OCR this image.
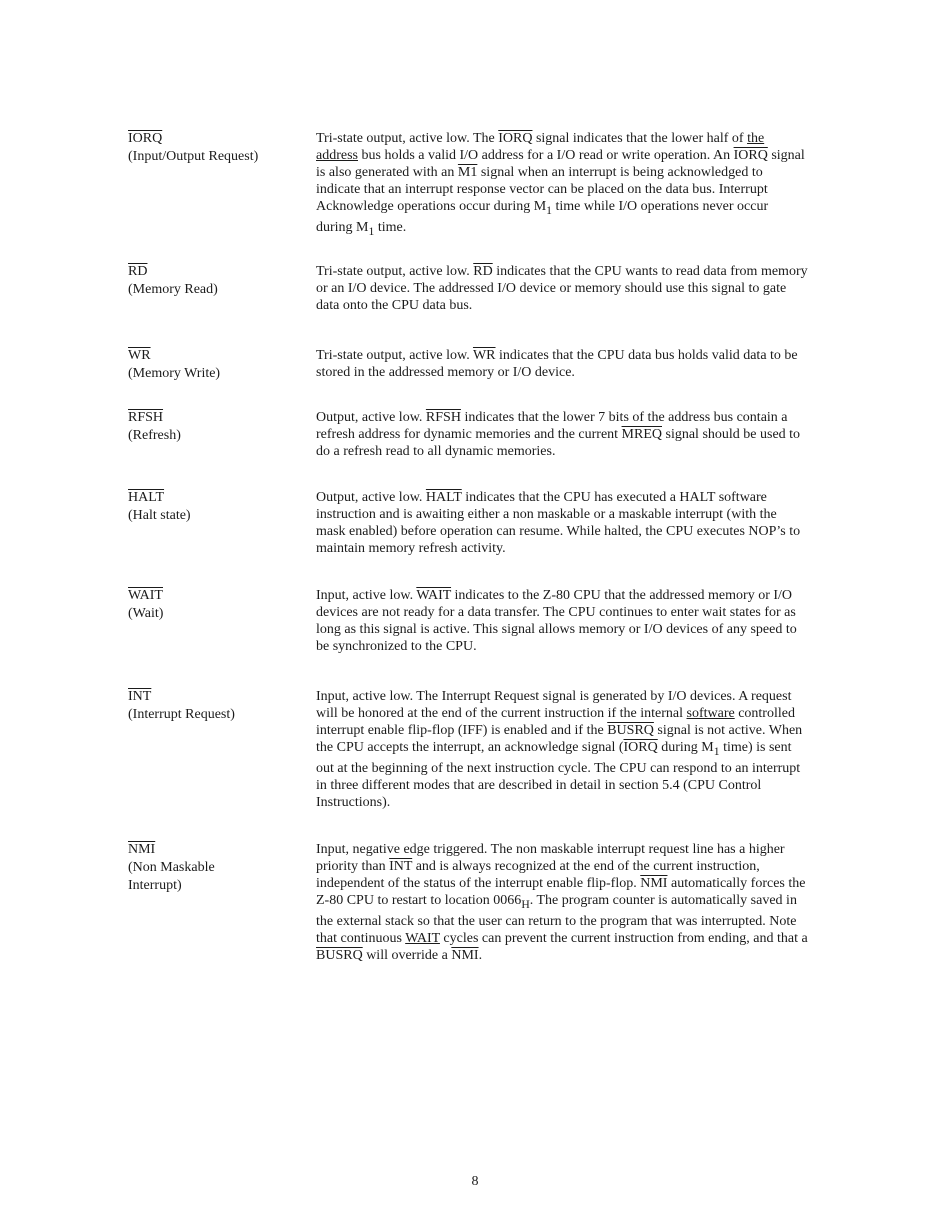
IORQ
(Input/Output Request)
Tri-state output, active low. The IORQ signal indicates that the lower half of the address bus holds a valid I/O address for a I/O read or write operation. An IORQ signal is also generated with an M1 signal when an interrupt is being acknowledged to indicate that an interrupt response vector can be placed on the data bus. Interrupt Acknowledge operations occur during $M_1$ time while I/O operations never occur during $M_1$ time.
$\overline{RD}$
(Memory Read)
Tri-state output, active low. $\overline{RD}$ indicates that the CPU wants to read data from memory or an I/O device. The addressed I/O device or memory should use this signal to gate data onto the CPU data bus.
$\overline{WR}$
(Memory Write)
Tri-state output, active low. $\overline{WR}$ indicates that the CPU data bus holds valid data to be stored in the addressed memory or I/O device.
RFSH
(Refresh)
Output, active low. RFSH indicates that the lower 7 bits of the address bus contain a refresh address for dynamic memories and the current MREQ signal should be used to do a refresh read to all dynamic memories.
HALT
(Halt state)
Output, active low. HALT indicates that the CPU has executed a HALT software instruction and is awaiting either a non maskable or a maskable interrupt (with the mask enabled) before operation can resume. While halted, the CPU executes NOP’s to maintain memory refresh activity.
WAIT
(Wait)
Input, active low. WAIT indicates to the Z-80 CPU that the addressed memory or I/O devices are not ready for a data transfer. The CPU continues to enter wait states for as long as this signal is active. This signal allows memory or I/O devices of any speed to be synchronized to the CPU.
$\overline{INT}$
(Interrupt Request)
Input, active low. The Interrupt Request signal is generated by I/O devices. A request will be honored at the end of the current instruction if the internal software controlled interrupt enable flip-flop (IFF) is enabled and if the BUSRQ signal is not active. When the CPU accepts the interrupt, an acknowledge signal (IORQ during $M_1$ time) is sent out at the beginning of the next instruction cycle. The CPU can respond to an interrupt in three different modes that are described in detail in section 5.4 (CPU Control Instructions).
$\overline{NMI}$
(Non Maskable
Interrupt)
Input, negative edge triggered. The non maskable interrupt request line has a higher priority than $\overline{INT}$ and is always recognized at the end of the current instruction, independent of the status of the interrupt enable flip-flop. $\overline{NMI}$ automatically forces the Z-80 CPU to restart to location $0066_H$. The program counter is automatically saved in the external stack so that the user can return to the program that was interrupted. Note that continuous WAIT cycles can prevent the current instruction from ending, and that a BUSRQ will override a $\overline{NMI}$.
8
